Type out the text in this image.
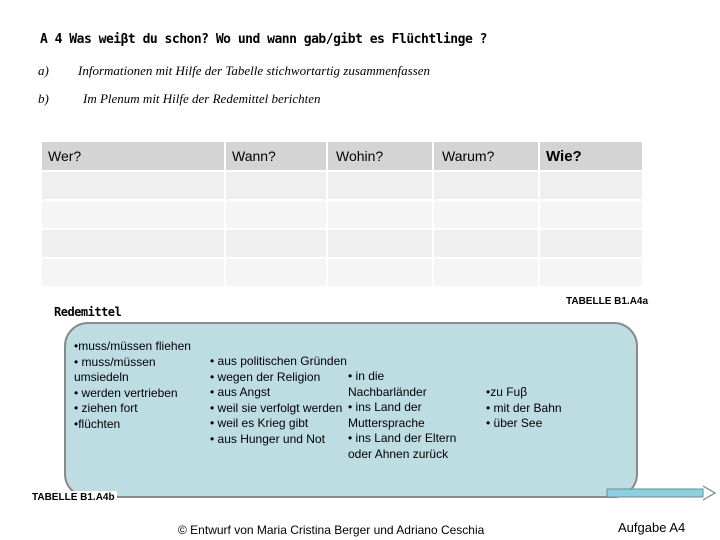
A 4 Was weiβt du schon? Wo und wann gab/gibt es Flüchtlinge ?
a) Informationen mit Hilfe der Tabelle stichwortartig zusammenfassen
b)	Im Plenum mit Hilfe der Redemittel berichten
Wer?	Wann?	Wohin?	Warum?	Wie?
TABELLE B1.A4a
Redemittel
•muss/müssen fliehen
• muss/müssen umsiedeln
• werden vertrieben
• ziehen fort
•flüchten
• aus politischen Gründen
• wegen der Religion
• aus Angst
• weil sie verfolgt werden
• weil es Krieg gibt
• aus Hunger und Not
• in die
Nachbarländer
• ins Land der Muttersprache
• ins Land der Eltern oder Ahnen zurück
•zu Fuβ
• mit der Bahn
• über See
TABELLE B1.A4b
© Entwurf von Maria Cristina Berger und Adriano Ceschia	Aufgabe A4
